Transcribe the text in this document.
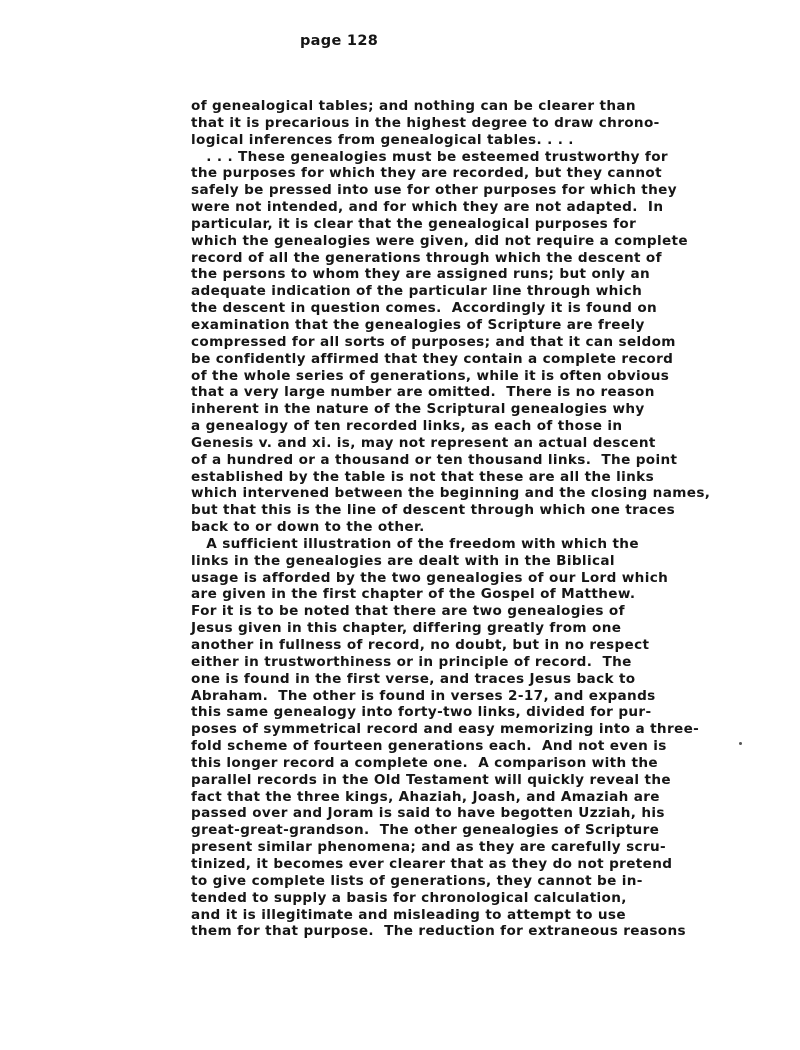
page 128
of genealogical tables; and nothing can be clearer than
that it is precarious in the highest degree to draw chrono-
logical inferences from genealogical tables. . . .
. . . These genealogies must be esteemed trustworthy for
the purposes for which they are recorded, but they cannot
safely be pressed into use for other purposes for which they
were not intended, and for which they are not adapted.  In
particular, it is clear that the genealogical purposes for
which the genealogies were given, did not require a complete
record of all the generations through which the descent of
the persons to whom they are assigned runs; but only an
adequate indication of the particular line through which
the descent in question comes.  Accordingly it is found on
examination that the genealogies of Scripture are freely
compressed for all sorts of purposes; and that it can seldom
be confidently affirmed that they contain a complete record
of the whole series of generations, while it is often obvious
that a very large number are omitted.  There is no reason
inherent in the nature of the Scriptural genealogies why
a genealogy of ten recorded links, as each of those in
Genesis v. and xi. is, may not represent an actual descent
of a hundred or a thousand or ten thousand links.  The point
established by the table is not that these are all the links
which intervened between the beginning and the closing names,
but that this is the line of descent through which one traces
back to or down to the other.
A sufficient illustration of the freedom with which the
links in the genealogies are dealt with in the Biblical
usage is afforded by the two genealogies of our Lord which
are given in the first chapter of the Gospel of Matthew.
For it is to be noted that there are two genealogies of
Jesus given in this chapter, differing greatly from one
another in fullness of record, no doubt, but in no respect
either in trustworthiness or in principle of record.  The
one is found in the first verse, and traces Jesus back to
Abraham.  The other is found in verses 2-17, and expands
this same genealogy into forty-two links, divided for pur-
poses of symmetrical record and easy memorizing into a three-
fold scheme of fourteen generations each.  And not even is
this longer record a complete one.  A comparison with the
parallel records in the Old Testament will quickly reveal the
fact that the three kings, Ahaziah, Joash, and Amaziah are
passed over and Joram is said to have begotten Uzziah, his
great-great-grandson.  The other genealogies of Scripture
present similar phenomena; and as they are carefully scru-
tinized, it becomes ever clearer that as they do not pretend
to give complete lists of generations, they cannot be in-
tended to supply a basis for chronological calculation,
and it is illegitimate and misleading to attempt to use
them for that purpose.  The reduction for extraneous reasons
